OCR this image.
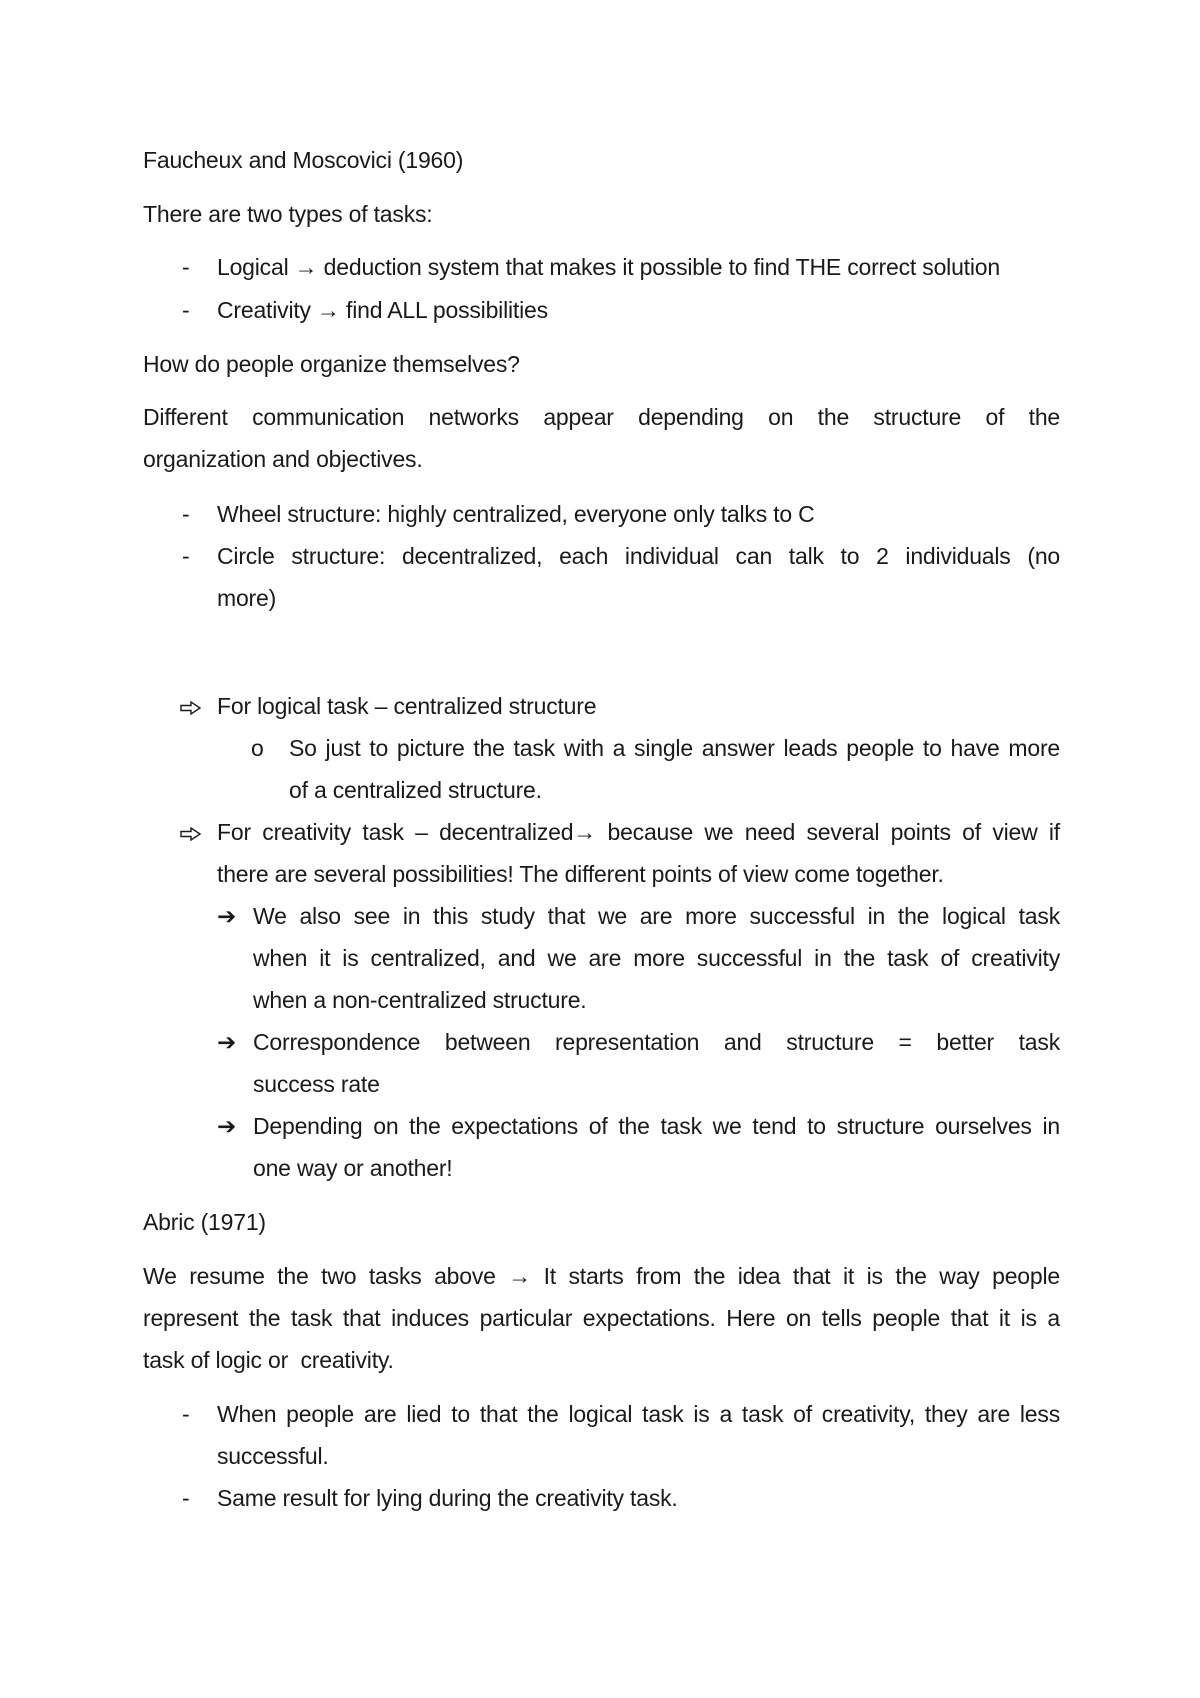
Faucheux and Moscovici (1960)
There are two types of tasks:
- Logical → deduction system that makes it possible to find THE correct solution
- Creativity → find ALL possibilities
How do people organize themselves?
Different communication networks appear depending on the structure of the
organization and objectives.
- Wheel structure: highly centralized, everyone only talks to C
- Circle structure: decentralized, each individual can talk to 2 individuals (no
more)
For logical task – centralized structure
o So just to picture the task with a single answer leads people to have more
of a centralized structure.
For creativity task – decentralized→ because we need several points of view if
there are several possibilities! The different points of view come together.
➔ We also see in this study that we are more successful in the logical task
when it is centralized, and we are more successful in the task of creativity
when a non-centralized structure.
➔ Correspondence between representation and structure = better task
success rate
➔ Depending on the expectations of the task we tend to structure ourselves in
one way or another!
Abric (1971)
We resume the two tasks above → It starts from the idea that it is the way people
represent the task that induces particular expectations. Here on tells people that it is a
task of logic or  creativity.
- When people are lied to that the logical task is a task of creativity, they are less
successful.
- Same result for lying during the creativity task.
